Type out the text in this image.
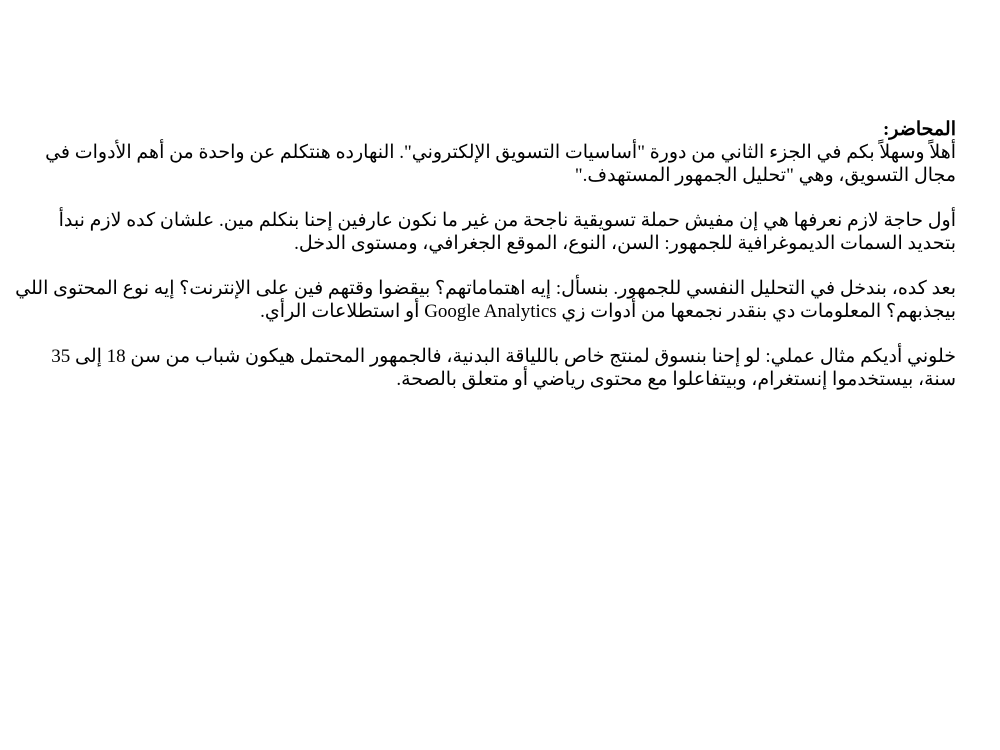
المحاضر:

أهلاً وسهلاً بكم في الجزء الثاني من دورة "أساسيات التسويق الإلكتروني". النهارده هنتكلم عن واحدة من أهم الأدوات في مجال التسويق، وهي "تحليل الجمهور المستهدف."

أول حاجة لازم نعرفها هي إن مفيش حملة تسويقية ناجحة من غير ما نكون عارفين إحنا بنكلم مين. علشان كده لازم نبدأ بتحديد السمات الديموغرافية للجمهور: السن، النوع، الموقع الجغرافي، ومستوى الدخل.

بعد كده، بندخل في التحليل النفسي للجمهور. بنسأل: إيه اهتماماتهم؟ بيقضوا وقتهم فين على الإنترنت؟ إيه نوع المحتوى اللي بيجذبهم؟ المعلومات دي بنقدر نجمعها من أدوات زي Google Analytics أو استطلاعات الرأي.

خلوني أديكم مثال عملي: لو إحنا بنسوق لمنتج خاص باللياقة البدنية، فالجمهور المحتمل هيكون شباب من سن 18 إلى 35 سنة، بيستخدموا إنستغرام، وبيتفاعلوا مع محتوى رياضي أو متعلق بالصحة.
